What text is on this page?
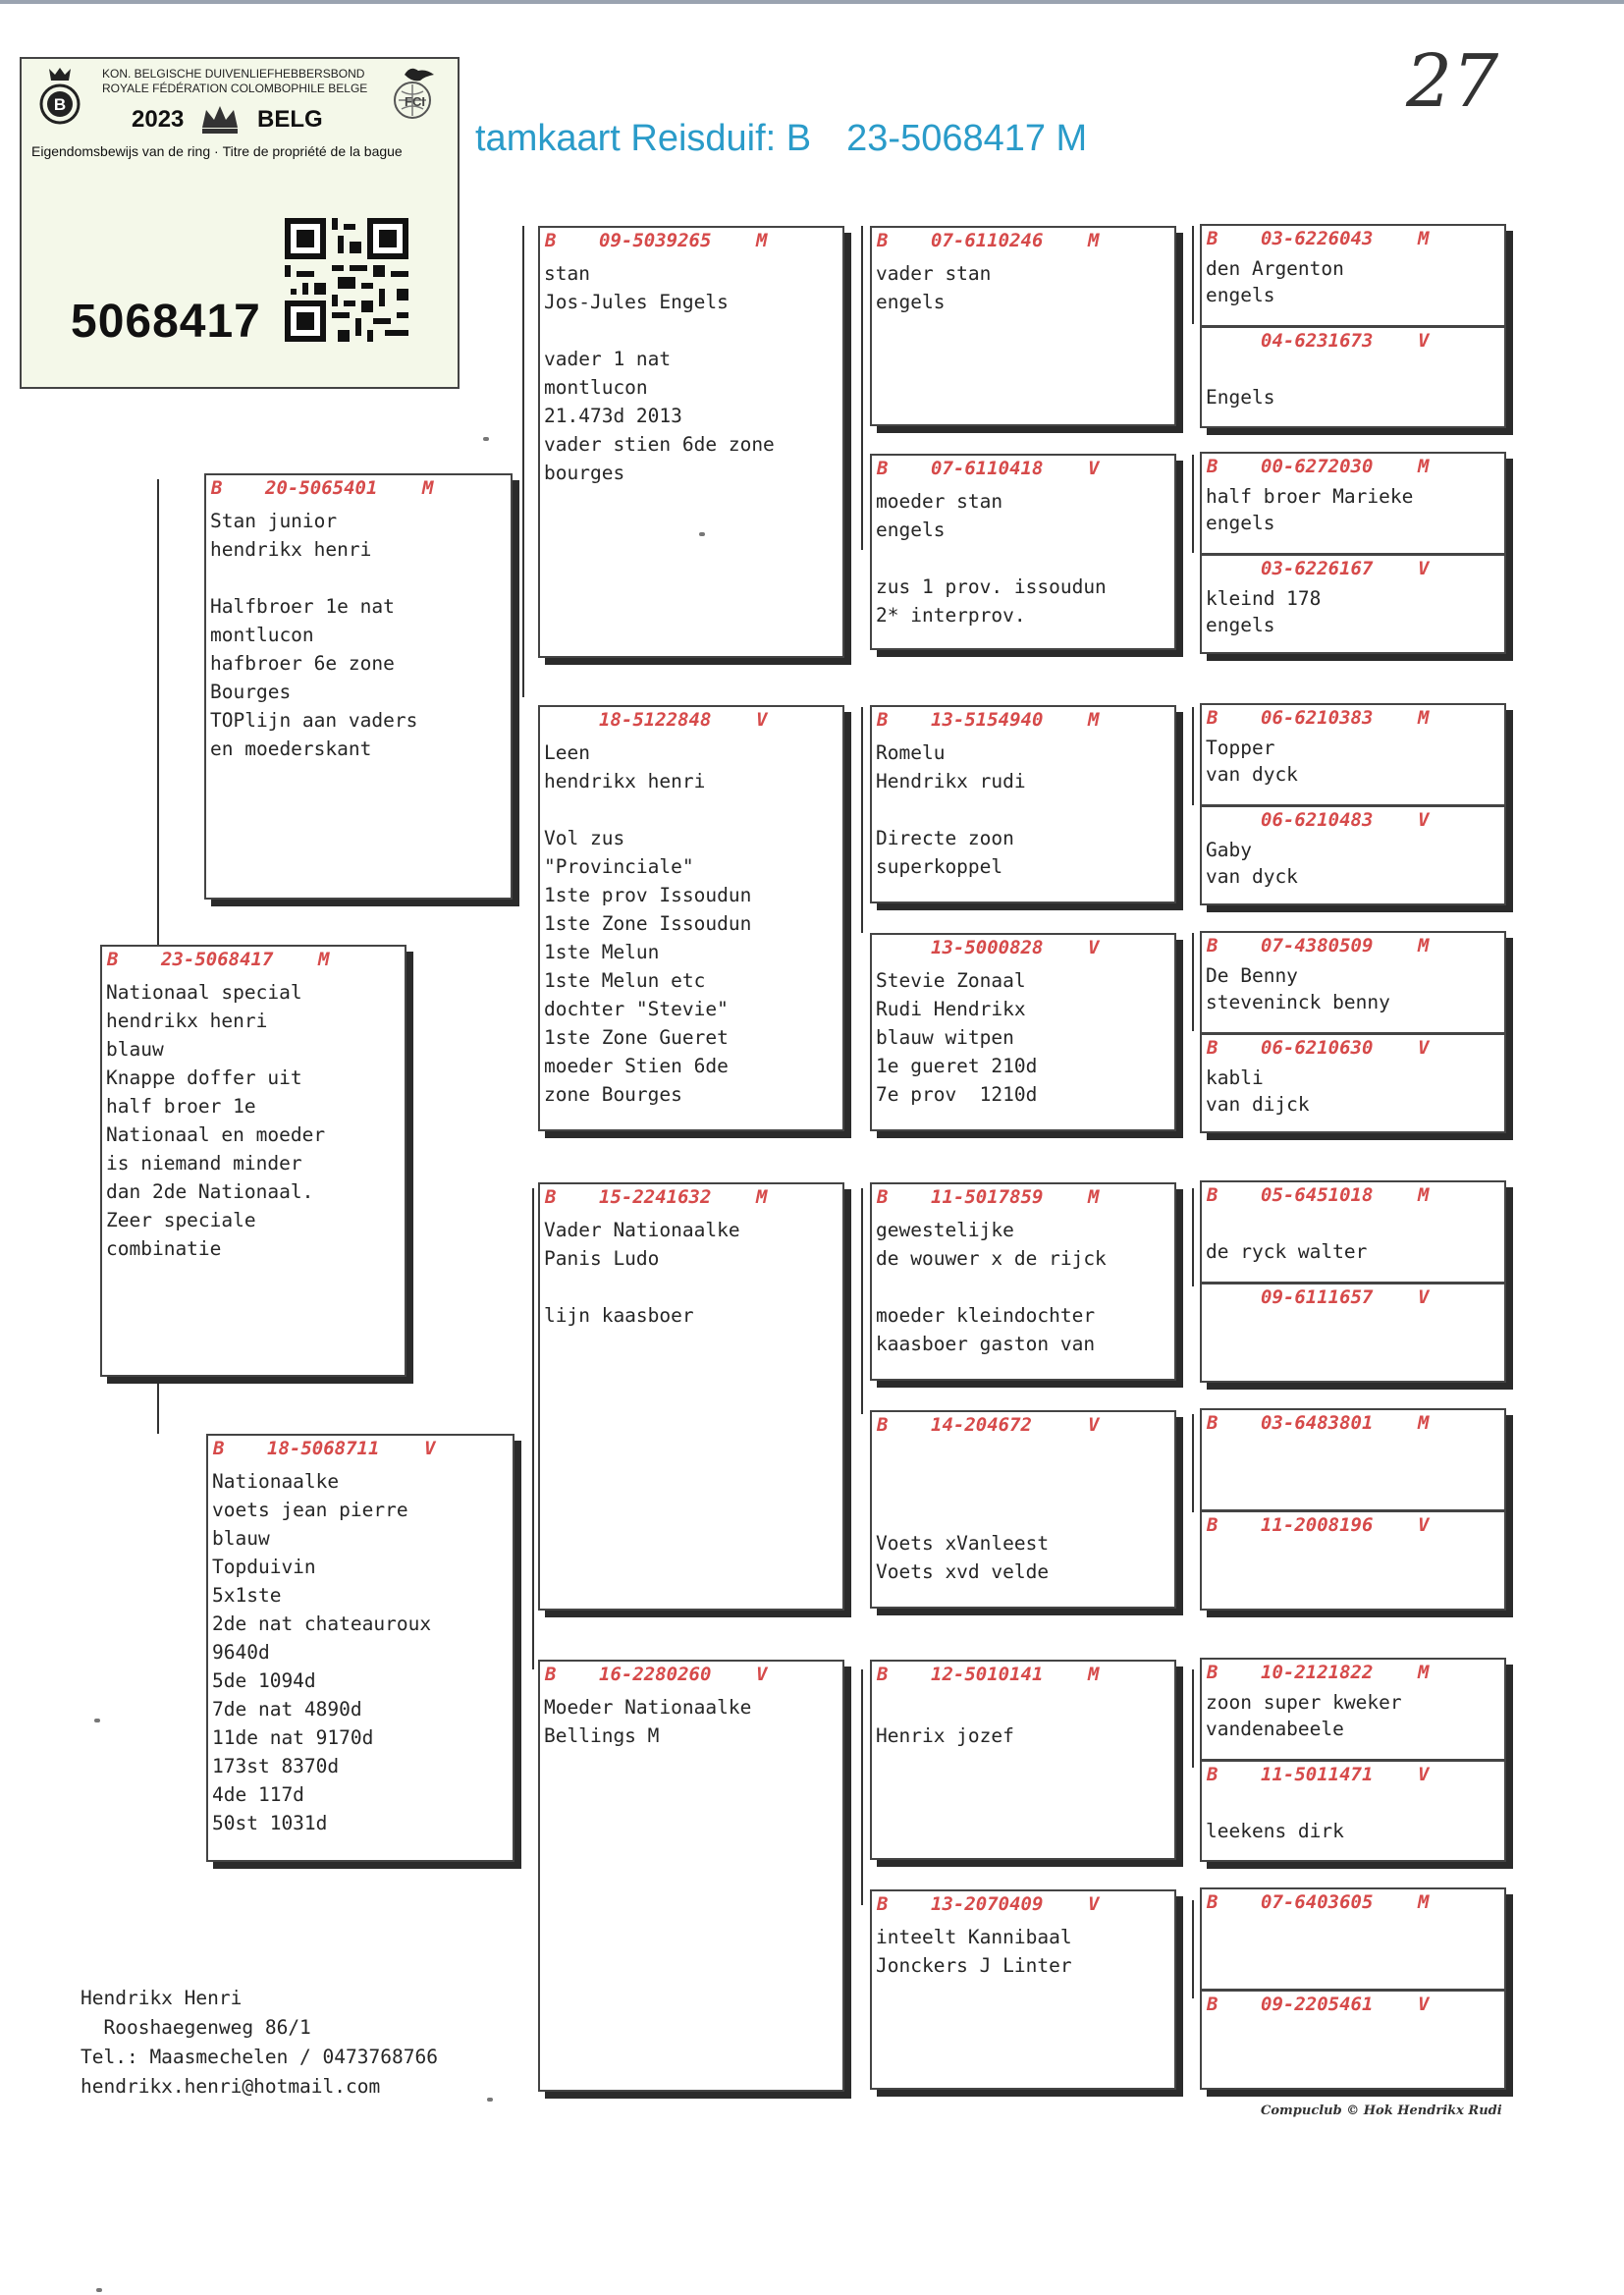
B
KON. BELGISCHE DUIVENLIEFHEBBERSBOND
ROYALE FÉDÉRATION COLOMBOPHILE BELGE
FCI
2023	BELG
Eigendomsbewijs van de ring · Titre de propriété de la bague
5068417
tamkaart Reisduif: B 23-5068417 M
27
B 23-5068417 M
Nationaal special
hendrikx henri
blauw
Knappe doffer uit
half broer 1e
Nationaal en moeder
is niemand minder
dan 2de Nationaal.
Zeer speciale
combinatie
B 20-5065401 M
Stan junior
hendrikx henri

Halfbroer 1e nat
montlucon
hafbroer 6e zone
Bourges
TOPlijn aan vaders
en moederskant
B 18-5068711 V
Nationaalke
voets jean pierre
blauw
Topduivin
5x1ste
2de nat chateauroux
9640d
5de 1094d
7de nat 4890d
11de nat 9170d
173st 8370d
4de 117d
50st 1031d
B 09-5039265 M
stan
Jos-Jules Engels

vader 1 nat
montlucon
21.473d 2013
vader stien 6de zone
bourges
18-5122848 V
Leen
hendrikx henri

Vol zus
"Provinciale"
1ste prov Issoudun
1ste Zone Issoudun
1ste Melun
1ste Melun etc
dochter "Stevie"
1ste Zone Gueret
moeder Stien 6de
zone Bourges
B 15-2241632 M
Vader Nationaalke
Panis Ludo

lijn kaasboer
B 16-2280260 V
Moeder Nationaalke
Bellings M
B 07-6110246 M
vader stan
engels
B 07-6110418 V
moeder stan
engels

zus 1 prov. issoudun
2* interprov.
B 13-5154940 M
Romelu
Hendrikx rudi

Directe zoon
superkoppel
13-5000828 V
Stevie Zonaal
Rudi Hendrikx
blauw witpen
1e gueret 210d
7e prov  1210d
B 11-5017859 M
gewestelijke
de wouwer x de rijck

moeder kleindochter
kaasboer gaston van
B 14-204672	V

Voets xVanleest
Voets xvd velde
B 12-5010141 M

Henrix jozef
B 13-2070409 V
inteelt Kannibaal
Jonckers J Linter
B 03-6226043 M
den Argenton
engels
04-6231673 V

Engels
B 00-6272030 M
half broer Marieke
engels
03-6226167 V
kleind 178
engels
B 06-6210383 M
Topper
van dyck
06-6210483 V
Gaby
van dyck
B 07-4380509 M
De Benny
steveninck benny
B 06-6210630 V
kabli
van dijck
B 05-6451018 M

de ryck walter
09-6111657 V
B 03-6483801 M
B 11-2008196 V
B 10-2121822 M
zoon super kweker
vandenabeele
B 11-5011471 V

leekens dirk
B 07-6403605 M
B 09-2205461 V
Hendrikx Henri
Rooshaegenweg 86/1
Tel.: Maasmechelen / 0473768766
hendrikx.henri@hotmail.com
Compuclub © Hok Hendrikx Rudi
